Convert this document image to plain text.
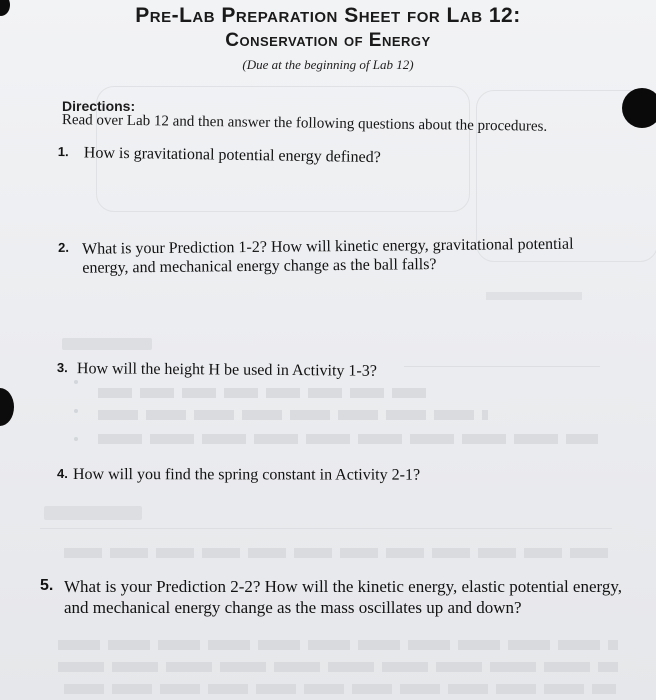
Pre-Lab Preparation Sheet for Lab 12:
Conservation of Energy
(Due at the beginning of Lab 12)
Directions:
Read over Lab 12 and then answer the following questions about the procedures.
1. How is gravitational potential energy defined?
2. What is your Prediction 1-2? How will kinetic energy, gravitational potential energy, and mechanical energy change as the ball falls?
3. How will the height H be used in Activity 1-3?
4. How will you find the spring constant in Activity 2-1?
5. What is your Prediction 2-2? How will the kinetic energy, elastic potential energy, and mechanical energy change as the mass oscillates up and down?
